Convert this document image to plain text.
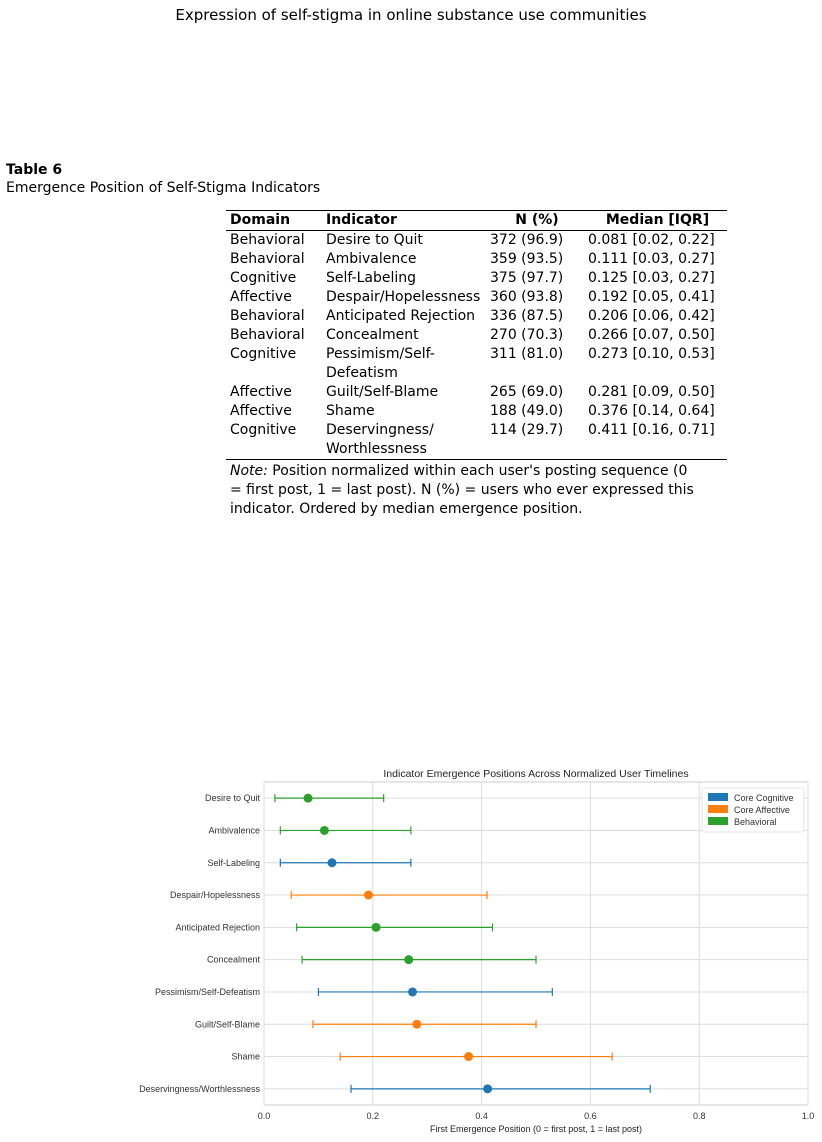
Expression of self-stigma in online substance use communities
Table 6
Emergence Position of Self-Stigma Indicators
Domain	Indicator	N (%)	Median [IQR]
Behavioral	Desire to Quit	372 (96.9)	0.081 [0.02, 0.22]
Behavioral	Ambivalence	359 (93.5)	0.111 [0.03, 0.27]
Cognitive	Self-Labeling	375 (97.7)	0.125 [0.03, 0.27]
Affective	Despair/Hopelessness	360 (93.8)	0.192 [0.05, 0.41]
Behavioral	Anticipated Rejection	336 (87.5)	0.206 [0.06, 0.42]
Behavioral	Concealment	270 (70.3)	0.266 [0.07, 0.50]
Cognitive	Pessimism/Self-Defeatism	311 (81.0)	0.273 [0.10, 0.53]
Affective	Guilt/Self-Blame	265 (69.0)	0.281 [0.09, 0.50]
Affective	Shame	188 (49.0)	0.376 [0.14, 0.64]
Cognitive	Deservingness/ Worthlessness	114 (29.7)	0.411 [0.16, 0.71]
Note: Position normalized within each user's posting sequence (0 = first post, 1 = last post). N (%) = users who ever expressed this indicator. Ordered by median emergence position.
0.0	0.2	0.4	0.6	0.8	1.0
Desire to Quit
Ambivalence
Self-Labeling
Despair/Hopelessness
Anticipated Rejection
Concealment
Pessimism/Self-Defeatism
Guilt/Self-Blame
Shame
Deservingness/Worthlessness
Indicator Emergence Positions Across Normalized User Timelines
First Emergence Position (0 = first post, 1 = last post)
Core Cognitive
Core Affective
Behavioral
